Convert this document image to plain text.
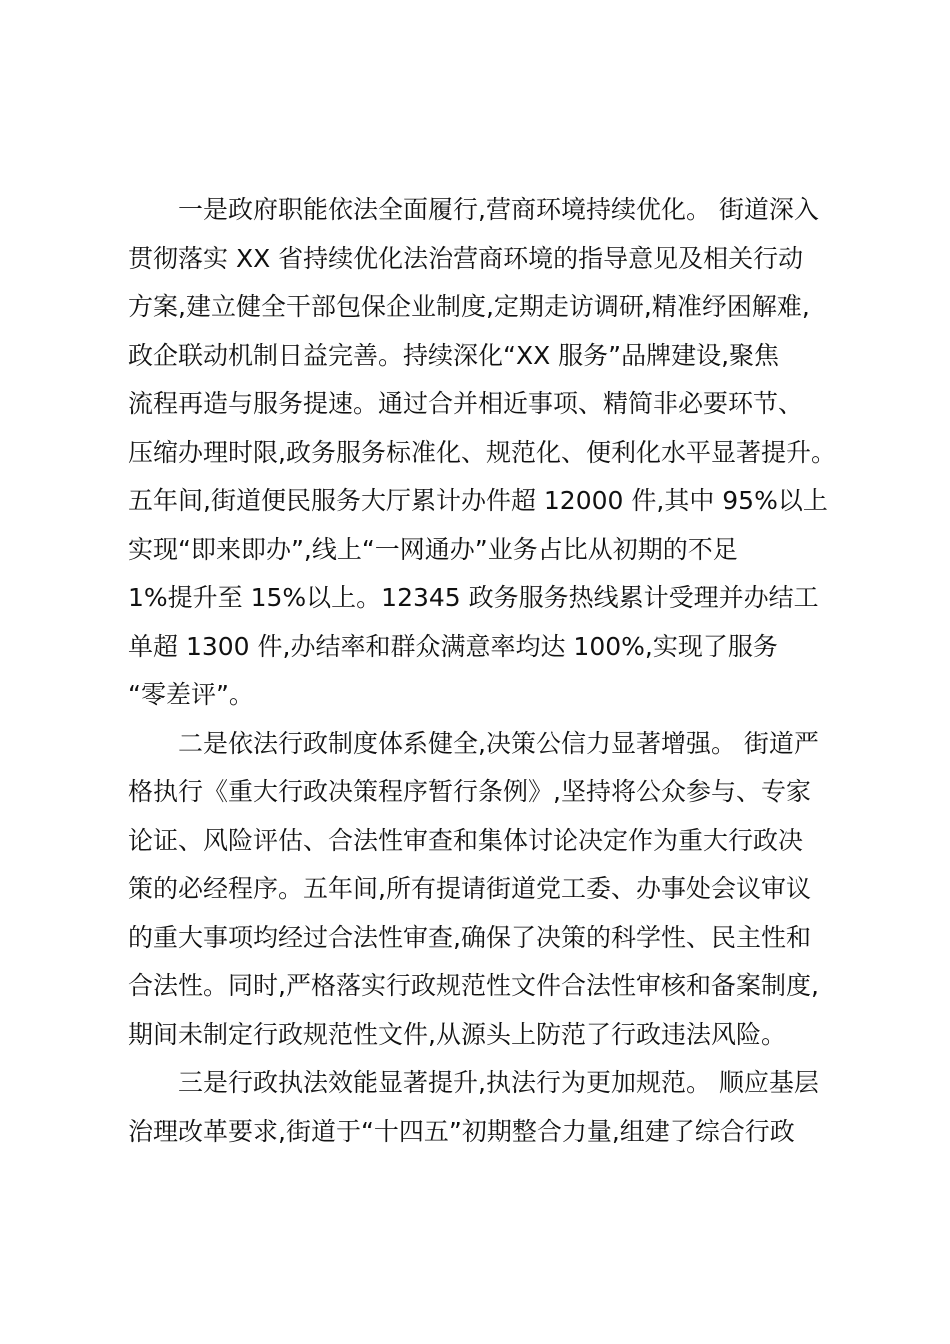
一是政府职能依法全面履行,营商环境持续优化。 街道深入
贯彻落实 XX 省持续优化法治营商环境的指导意见及相关行动
方案,建立健全干部包保企业制度,定期走访调研,精准纾困解难,
政企联动机制日益完善。持续深化“XX 服务”品牌建设,聚焦
流程再造与服务提速。通过合并相近事项、精简非必要环节、
压缩办理时限,政务服务标准化、规范化、便利化水平显著提升。
五年间,街道便民服务大厅累计办件超 12000 件,其中 95%以上
实现“即来即办”,线上“一网通办”业务占比从初期的不足
1%提升至 15%以上。12345 政务服务热线累计受理并办结工
单超 1300 件,办结率和群众满意率均达 100%,实现了服务
“零差评”。
二是依法行政制度体系健全,决策公信力显著增强。 街道严
格执行《重大行政决策程序暂行条例》,坚持将公众参与、专家
论证、风险评估、合法性审查和集体讨论决定作为重大行政决
策的必经程序。五年间,所有提请街道党工委、办事处会议审议
的重大事项均经过合法性审查,确保了决策的科学性、民主性和
合法性。同时,严格落实行政规范性文件合法性审核和备案制度,
期间未制定行政规范性文件,从源头上防范了行政违法风险。
三是行政执法效能显著提升,执法行为更加规范。 顺应基层
治理改革要求,街道于“十四五”初期整合力量,组建了综合行政
